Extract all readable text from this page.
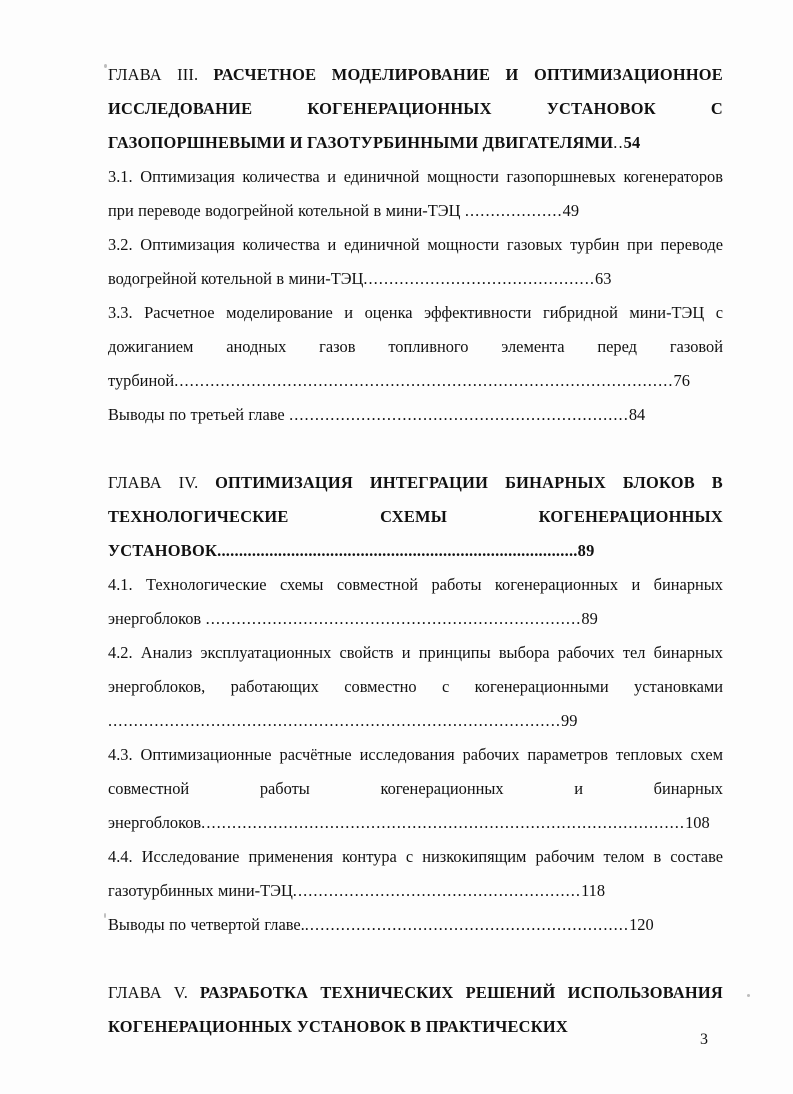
ГЛАВА III. РАСЧЕТНОЕ МОДЕЛИРОВАНИЕ И ОПТИМИЗАЦИОННОЕ ИССЛЕДОВАНИЕ КОГЕНЕРАЦИОННЫХ УСТАНОВОК С ГАЗОПОРШНЕВЫМИ И ГАЗОТУРБИННЫМИ ДВИГАТЕЛЯМИ..54

3.1. Оптимизация количества и единичной мощности газопоршневых когенераторов при переводе водогрейной котельной в мини-ТЭЦ ...................49

3.2. Оптимизация количества и единичной мощности газовых турбин при переводе водогрейной котельной в мини-ТЭЦ.............................................63

3.3. Расчетное моделирование и оценка эффективности гибридной мини-ТЭЦ с дожиганием анодных газов топливного элемента перед газовой турбиной.................................................................................................76

Выводы по третьей главе ..................................................................84

ГЛАВА IV. ОПТИМИЗАЦИЯ ИНТЕГРАЦИИ БИНАРНЫХ БЛОКОВ В ТЕХНОЛОГИЧЕСКИЕ СХЕМЫ КОГЕНЕРАЦИОННЫХ УСТАНОВОК...................................................................................89

4.1. Технологические схемы совместной работы когенерационных и бинарных энергоблоков .........................................................................89

4.2. Анализ эксплуатационных свойств и принципы выбора рабочих тел бинарных энергоблоков, работающих совместно с когенерационными установками ........................................................................................99

4.3. Оптимизационные расчётные исследования рабочих параметров тепловых схем совместной работы когенерационных и бинарных энергоблоков..............................................................................................108

4.4. Исследование применения контура с низкокипящим рабочим телом в составе газотурбинных мини-ТЭЦ........................................................118

Выводы по четвертой главе................................................................120

ГЛАВА V. РАЗРАБОТКА ТЕХНИЧЕСКИХ РЕШЕНИЙ ИСПОЛЬЗОВАНИЯ КОГЕНЕРАЦИОННЫХ УСТАНОВОК В ПРАКТИЧЕСКИХ

3
